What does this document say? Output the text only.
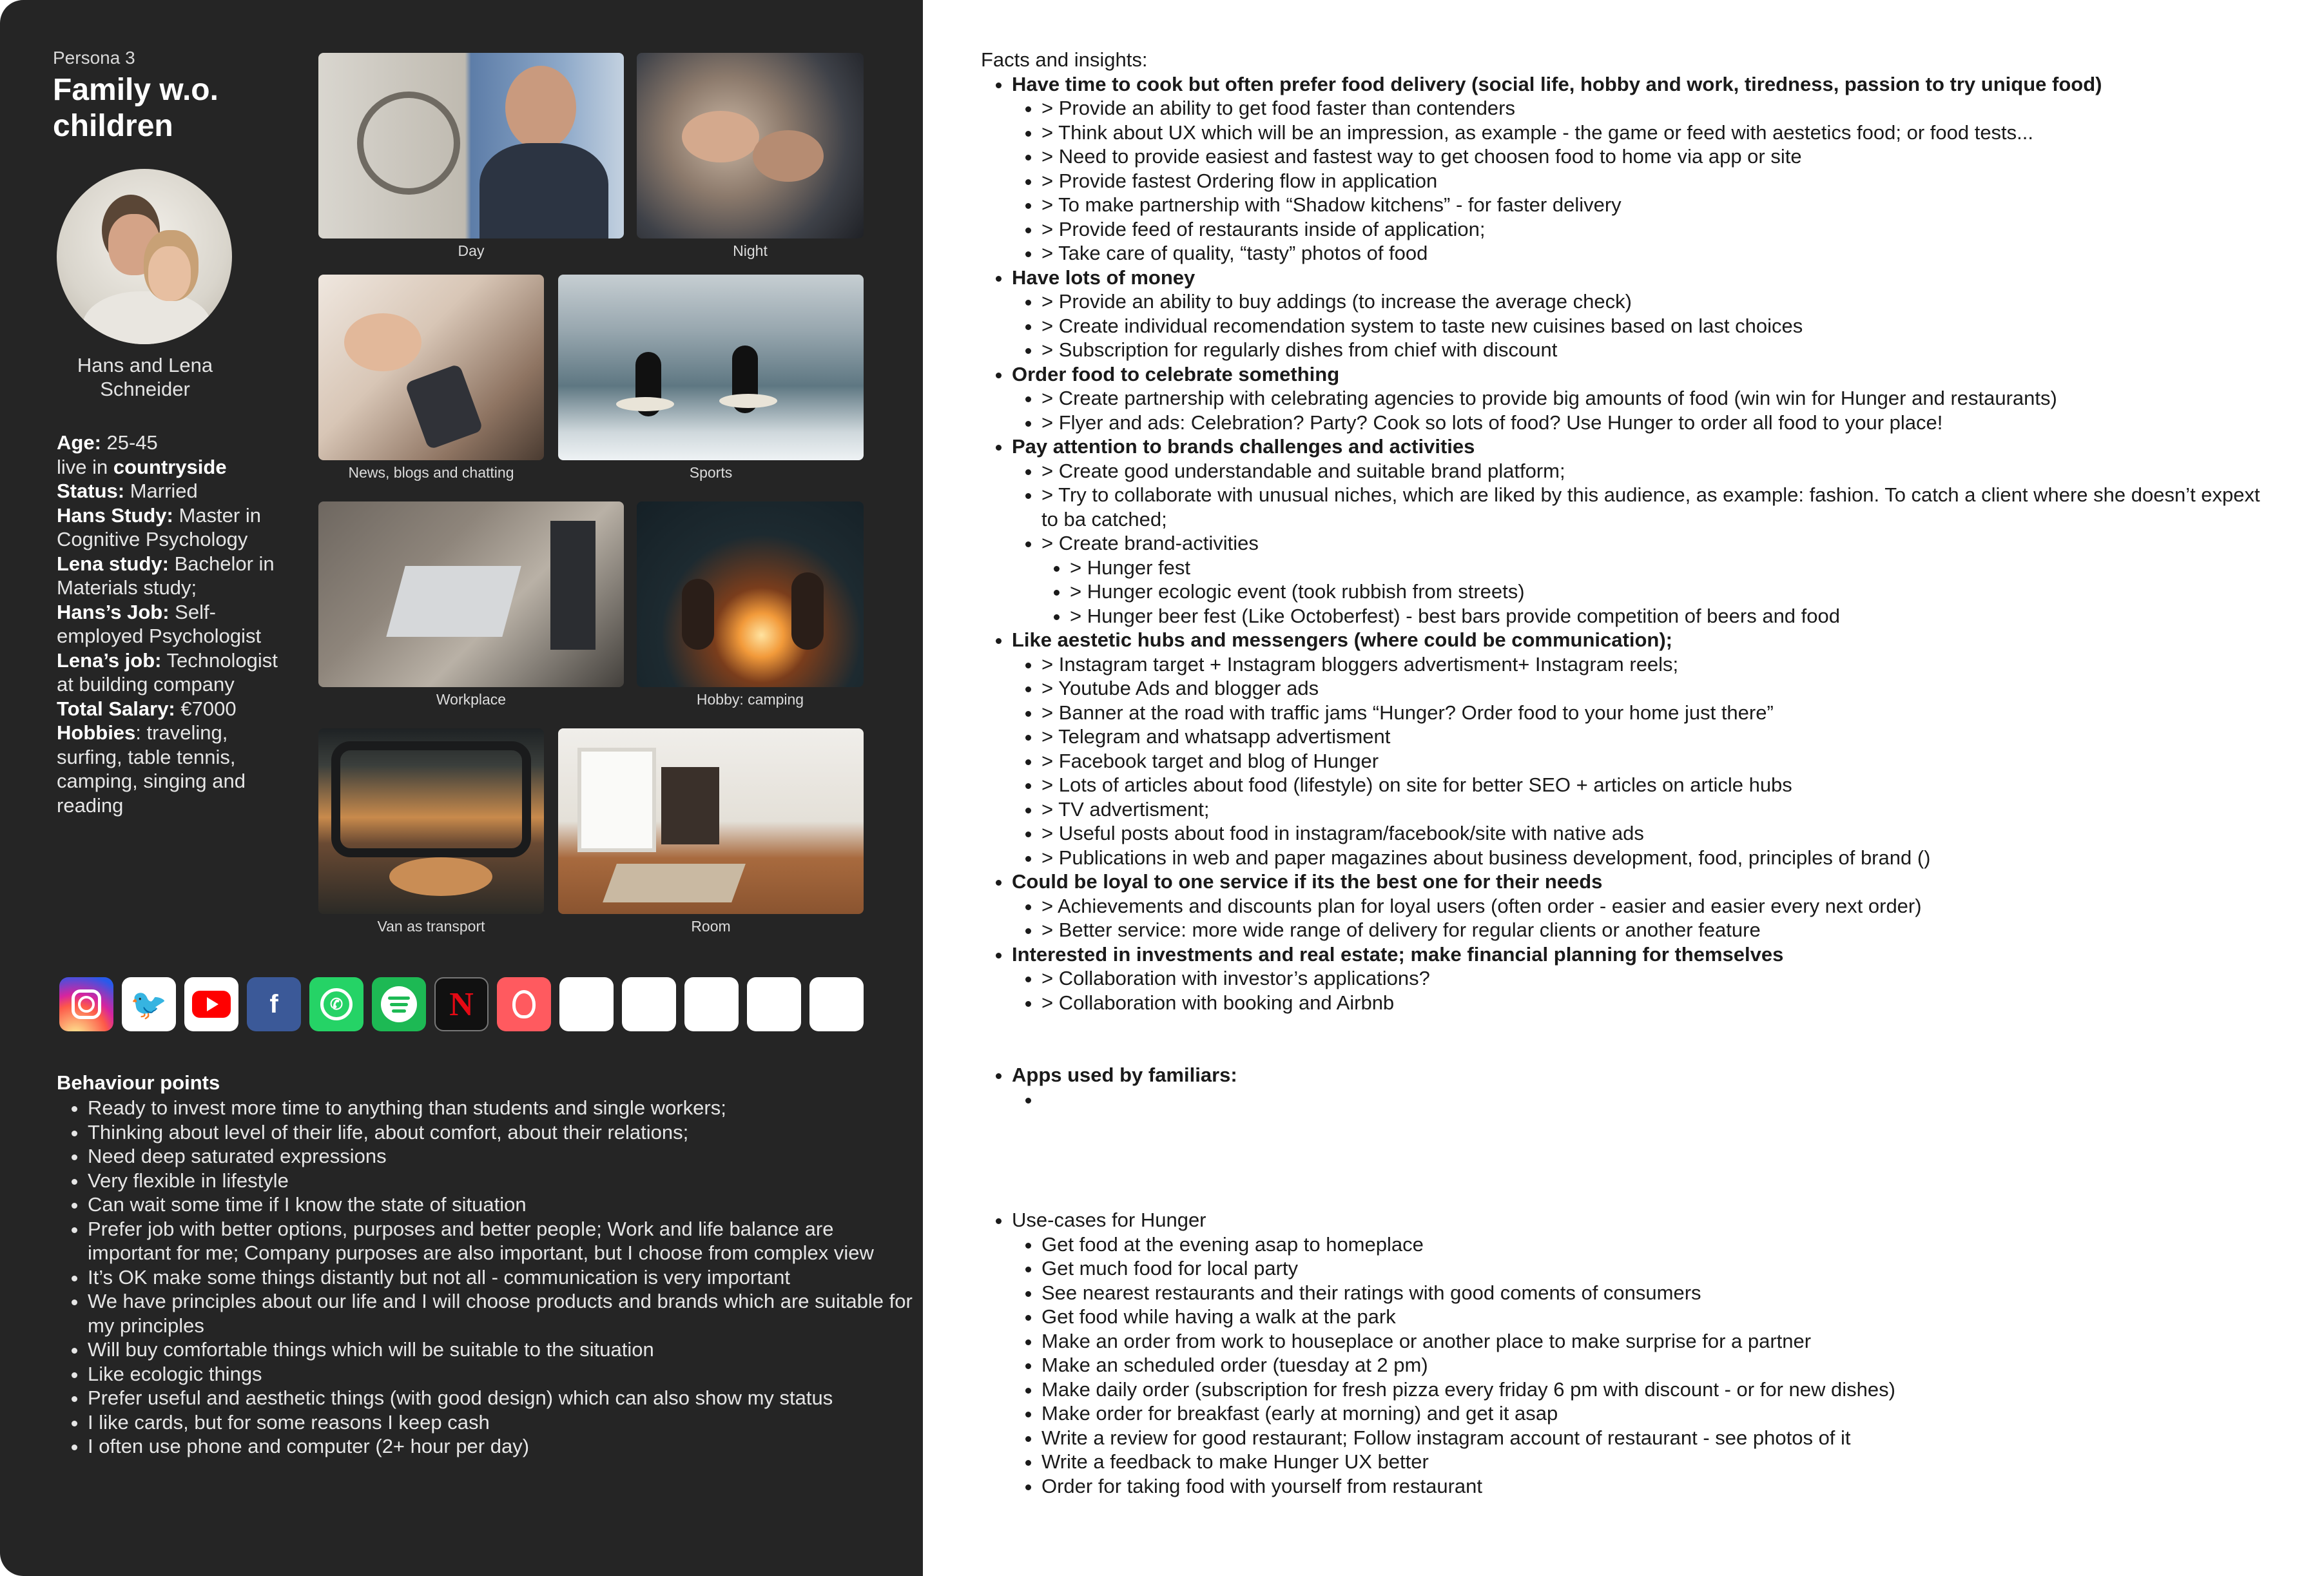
Persona 3
Family w.o. children
Hans and Lena Schneider
Age: 25-45
live in countryside
Status: Married
Hans Study: Master in Cognitive Psychology
Lena study: Bachelor in Materials study;
Hans’s Job: Self-employed Psychologist
Lena’s job: Technologist at building company
Total Salary: €7000
Hobbies: traveling, surfing, table tennis, camping, singing and reading
Day	Night
News, blogs and chatting	Sports
Workplace	Hobby: camping
Van as transport	Room
🐦	f	✆	N
Behaviour points
• Ready to invest more time to anything than students and single workers;
• Thinking about level of their life, about comfort, about their relations;
• Need deep saturated expressions
• Very flexible in lifestyle
• Can wait some time if I know the state of situation
• Prefer job with better options, purposes and better people; Work and life balance are important for me; Company purposes are also important, but I choose from complex view
• It’s OK make some things distantly but not all - communication is very important
• We have principles about our life and I will choose products and brands which are suitable for my principles
• Will buy comfortable things which will be suitable to the situation
• Like ecologic things
• Prefer useful and aesthetic things (with good design) which can also show my status
• I like cards, but for some reasons I keep cash
• I often use phone and computer (2+ hour per day)
Facts and insights:
• Have time to cook but often prefer food delivery (social life, hobby and work, tiredness, passion to try unique food)
• > Provide an ability to get food faster than contenders
• > Think about UX which will be an impression, as example - the game or feed with aestetics food; or food tests...
• > Need to provide easiest and fastest way to get choosen food to home via app or site
• > Provide fastest Ordering flow in application
• > To make partnership with “Shadow kitchens” - for faster delivery
• > Provide feed of restaurants inside of application;
• > Take care of quality, “tasty” photos of food
• Have lots of money
• > Provide an ability to buy addings (to increase the average check)
• > Create individual recomendation system to taste new cuisines based on last choices
• > Subscription for regularly dishes from chief with discount
• Order food to celebrate something
• > Create partnership with celebrating agencies to provide big amounts of food (win win for Hunger and restaurants)
• > Flyer and ads: Celebration? Party? Cook so lots of food? Use Hunger to order all food to your place!
• Pay attention to brands challenges and activities
• > Create good understandable and suitable brand platform;
• > Try to collaborate with unusual niches, which are liked by this audience, as example: fashion. To catch a client where she doesn’t expext to ba catched;
• > Create brand-activities
• > Hunger fest
• > Hunger ecologic event (took rubbish from streets)
• > Hunger beer fest (Like Octoberfest) - best bars provide competition of beers and food
• Like aestetic hubs and messengers (where could be communication);
• > Instagram target + Instagram bloggers advertisment+ Instagram reels;
• > Youtube Ads and blogger ads
• > Banner at the road with traffic jams “Hunger? Order food to your home just there”
• > Telegram and whatsapp advertisment
• > Facebook target and blog of Hunger
• > Lots of articles about food (lifestyle) on site for better SEO + articles on article hubs
• > TV advertisment;
• > Useful posts about food in instagram/facebook/site with native ads
• > Publications in web and paper magazines about business development, food, principles of brand ()
• Could be loyal to one service if its the best one for their needs
• > Achievements and discounts plan for loyal users (often order - easier and easier every next order)
• > Better service: more wide range of delivery for regular clients or another feature
• Interested in investments and real estate; make financial planning for themselves
• > Collaboration with investor’s applications?
• > Collaboration with booking and Airbnb
• Apps used by familiars:
•
• Use-cases for Hunger
• Get food at the evening asap to homeplace
• Get much food for local party
• See nearest restaurants and their ratings with good coments of consumers
• Get food while having a walk at the park
• Make an order from work to houseplace or another place to make surprise for a partner
• Make an scheduled order (tuesday at 2 pm)
• Make daily order (subscription for fresh pizza every friday 6 pm with discount - or for new dishes)
• Make order for breakfast (early at morning) and get it asap
• Write a review for good restaurant; Follow instagram account of restaurant - see photos of it
• Write a feedback to make Hunger UX better
• Order for taking food with yourself from restaurant
